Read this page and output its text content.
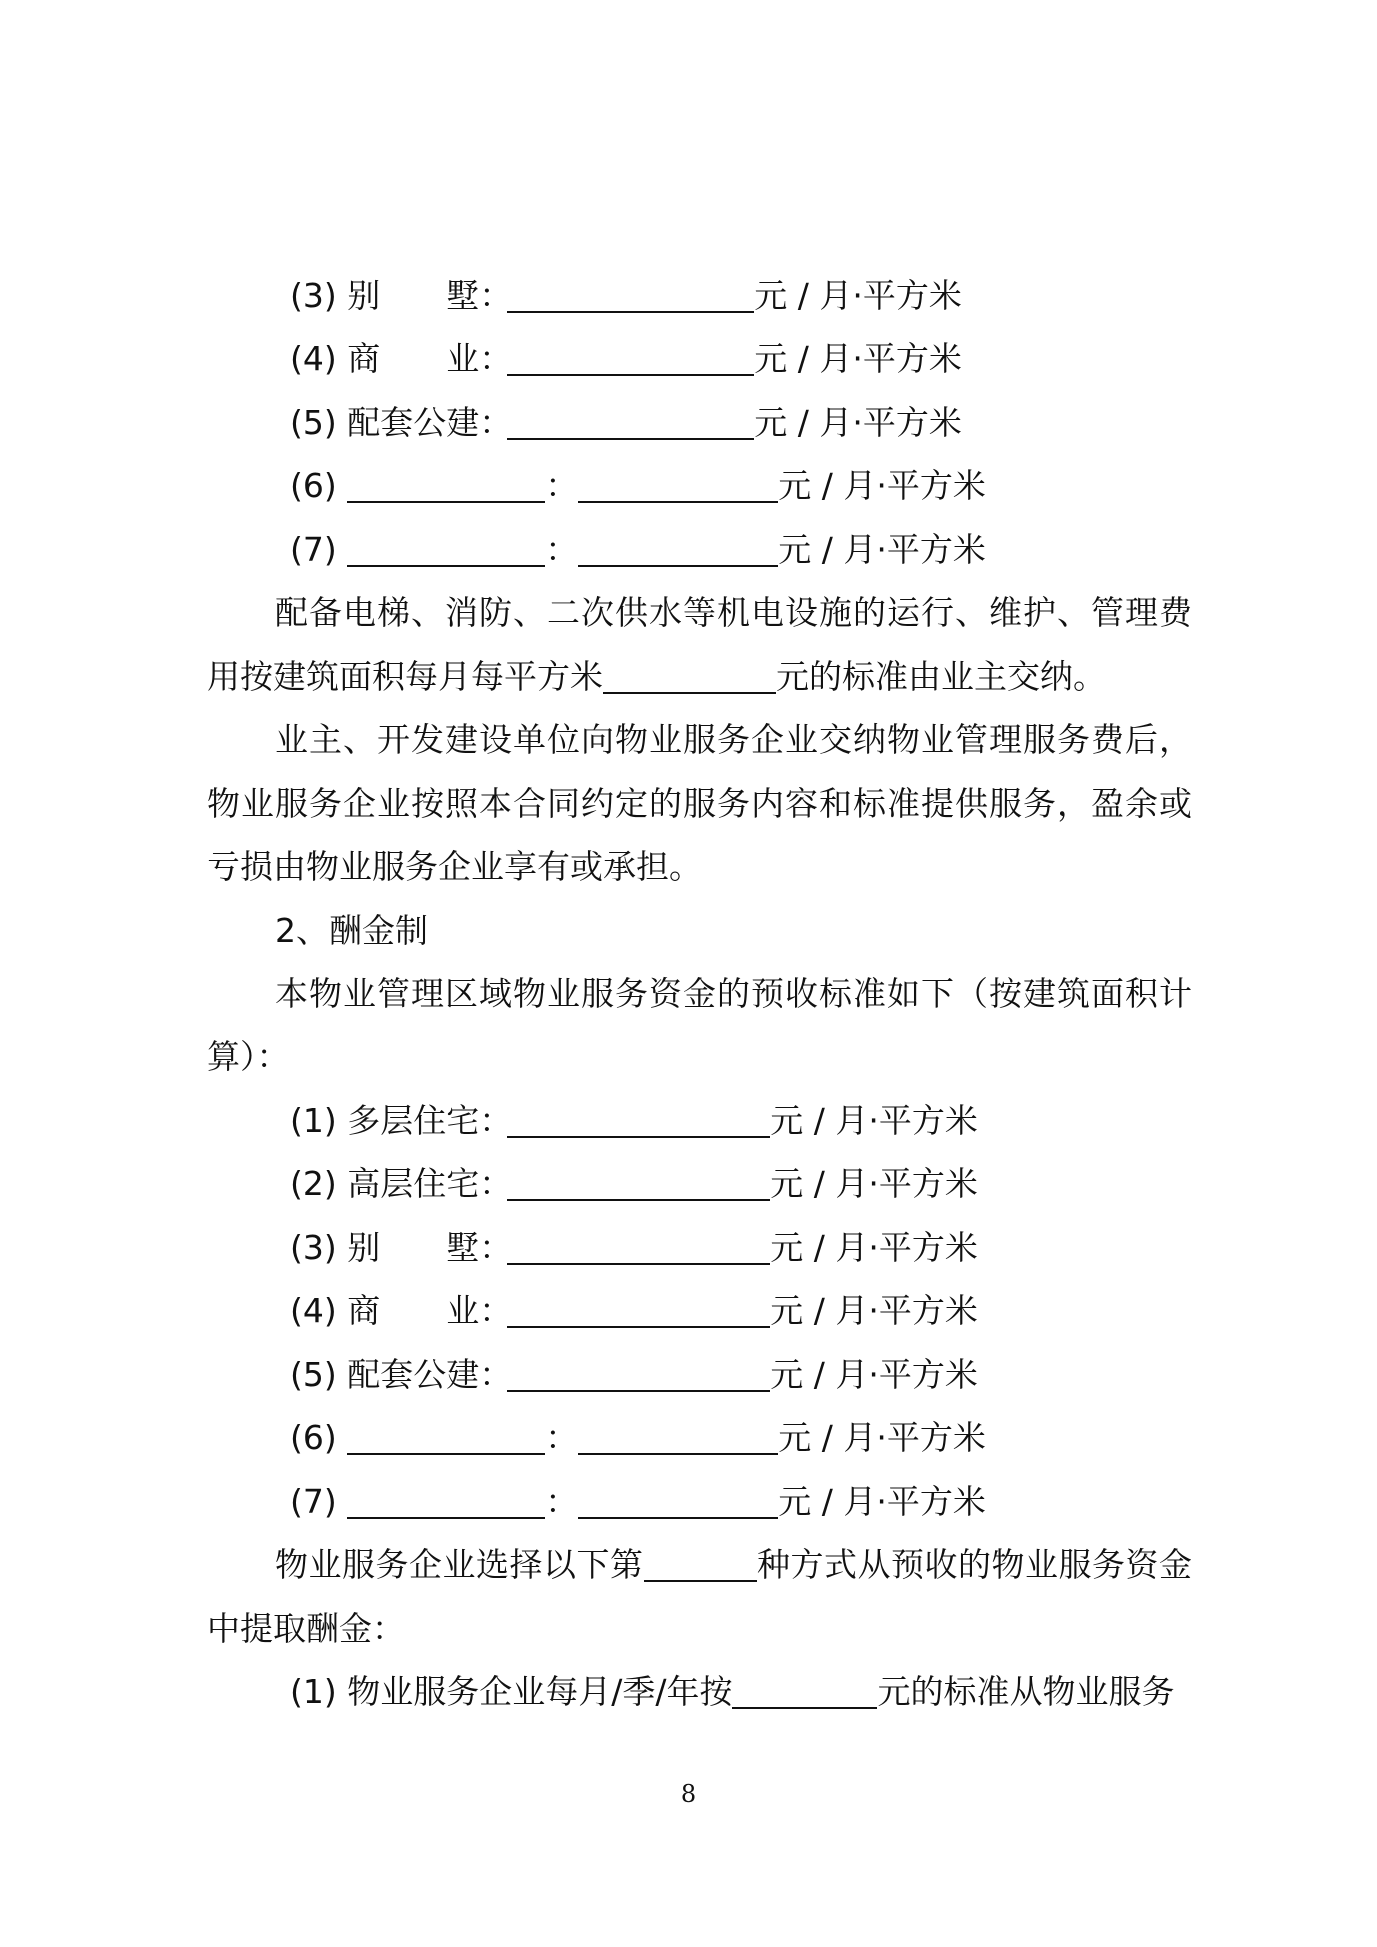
(3) 别　　墅：	元 / 月·平方米

(4) 商　　业：	元 / 月·平方米

(5) 配套公建：	元 / 月·平方米

(6)	：	元 / 月·平方米

(7)	：	元 / 月·平方米

配备电梯、消防、二次供水等机电设施的运行、维护、管理费用按建筑面积每月每平方米	元的标准由业主交纳。

业主、开发建设单位向物业服务企业交纳物业管理服务费后，物业服务企业按照本合同约定的服务内容和标准提供服务，盈余或亏损由物业服务企业享有或承担。

2、酬金制

本物业管理区域物业服务资金的预收标准如下（按建筑面积计算）：

(1) 多层住宅：	元 / 月·平方米

(2) 高层住宅：	元 / 月·平方米

(3) 别　　墅：	元 / 月·平方米

(4) 商　　业：	元 / 月·平方米

(5) 配套公建：	元 / 月·平方米

(6)	：	元 / 月·平方米

(7)	：	元 / 月·平方米

物业服务企业选择以下第	种方式从预收的物业服务资金中提取酬金：

(1) 物业服务企业每月/季/年按	元的标准从物业服务

8
